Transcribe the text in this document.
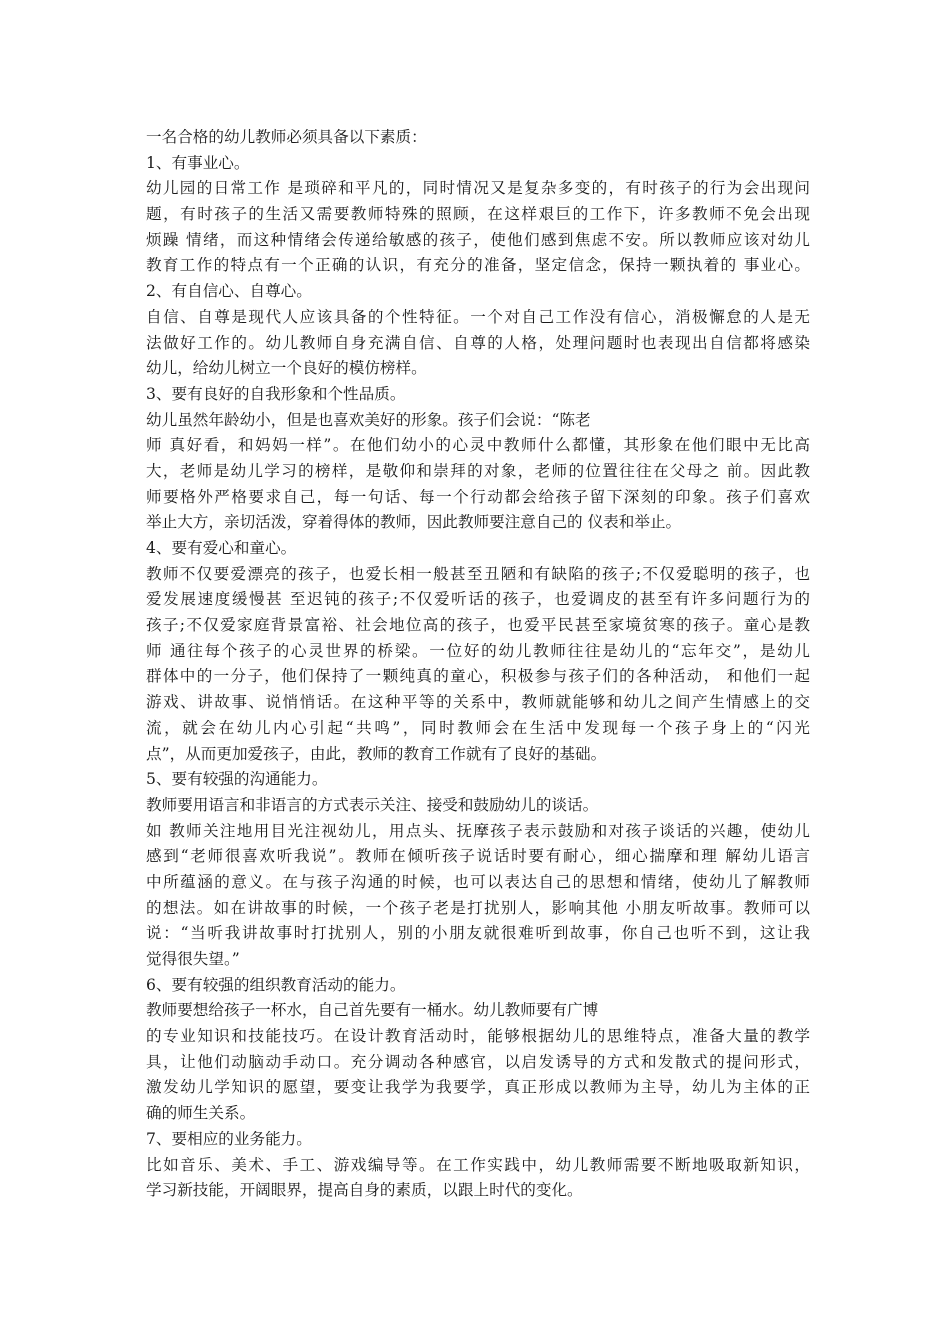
一名合格的幼儿教师必须具备以下素质：
1、有事业心。
幼儿园的日常工作 是琐碎和平凡的，同时情况又是复杂多变的，有时孩子的行为会出现问
题，有时孩子的生活又需要教师特殊的照顾，在这样艰巨的工作下，许多教师不免会出现
烦躁 情绪，而这种情绪会传递给敏感的孩子，使他们感到焦虑不安。所以教师应该对幼儿
教育工作的特点有一个正确的认识，有充分的准备，坚定信念，保持一颗执着的 事业心。
2、有自信心、自尊心。
自信、自尊是现代人应该具备的个性特征。一个对自己工作没有信心，消极懈怠的人是无
法做好工作的。幼儿教师自身充满自信、自尊的人格，处理问题时也表现出自信都将感染
幼儿，给幼儿树立一个良好的模仿榜样。
3、要有良好的自我形象和个性品质。
幼儿虽然年龄幼小，但是也喜欢美好的形象。孩子们会说：“陈老
师 真好看，和妈妈一样”。在他们幼小的心灵中教师什么都懂，其形象在他们眼中无比高
大，老师是幼儿学习的榜样，是敬仰和崇拜的对象，老师的位置往往在父母之 前。因此教
师要格外严格要求自己，每一句话、每一个行动都会给孩子留下深刻的印象。孩子们喜欢
举止大方，亲切活泼，穿着得体的教师，因此教师要注意自己的 仪表和举止。
4、要有爱心和童心。
教师不仅要爱漂亮的孩子，也爱长相一般甚至丑陋和有缺陷的孩子;不仅爱聪明的孩子，也
爱发展速度缓慢甚 至迟钝的孩子;不仅爱听话的孩子，也爱调皮的甚至有许多问题行为的
孩子;不仅爱家庭背景富裕、社会地位高的孩子，也爱平民甚至家境贫寒的孩子。童心是教
师 通往每个孩子的心灵世界的桥梁。一位好的幼儿教师往往是幼儿的“忘年交”，是幼儿
群体中的一分子，他们保持了一颗纯真的童心，积极参与孩子们的各种活动， 和他们一起
游戏、讲故事、说悄悄话。在这种平等的关系中，教师就能够和幼儿之间产生情感上的交
流，就会在幼儿内心引起“共鸣”，同时教师会在生活中发现每一个孩子身上的“闪光
点”，从而更加爱孩子，由此，教师的教育工作就有了良好的基础。
5、要有较强的沟通能力。
教师要用语言和非语言的方式表示关注、接受和鼓励幼儿的谈话。
如 教师关注地用目光注视幼儿，用点头、抚摩孩子表示鼓励和对孩子谈话的兴趣，使幼儿
感到“老师很喜欢听我说”。教师在倾听孩子说话时要有耐心，细心揣摩和理 解幼儿语言
中所蕴涵的意义。在与孩子沟通的时候，也可以表达自己的思想和情绪，使幼儿了解教师
的想法。如在讲故事的时候，一个孩子老是打扰别人，影响其他 小朋友听故事。教师可以
说：“当听我讲故事时打扰别人，别的小朋友就很难听到故事，你自己也听不到，这让我
觉得很失望。”
6、要有较强的组织教育活动的能力。
教师要想给孩子一杯水，自己首先要有一桶水。幼儿教师要有广博
的专业知识和技能技巧。在设计教育活动时，能够根据幼儿的思维特点，准备大量的教学
具，让他们动脑动手动口。充分调动各种感官，以启发诱导的方式和发散式的提问形式，
激发幼儿学知识的愿望，要变让我学为我要学，真正形成以教师为主导，幼儿为主体的正
确的师生关系。
7、要相应的业务能力。
比如音乐、美术、手工、游戏编导等。在工作实践中，幼儿教师需要不断地吸取新知识，
学习新技能，开阔眼界，提高自身的素质，以跟上时代的变化。
